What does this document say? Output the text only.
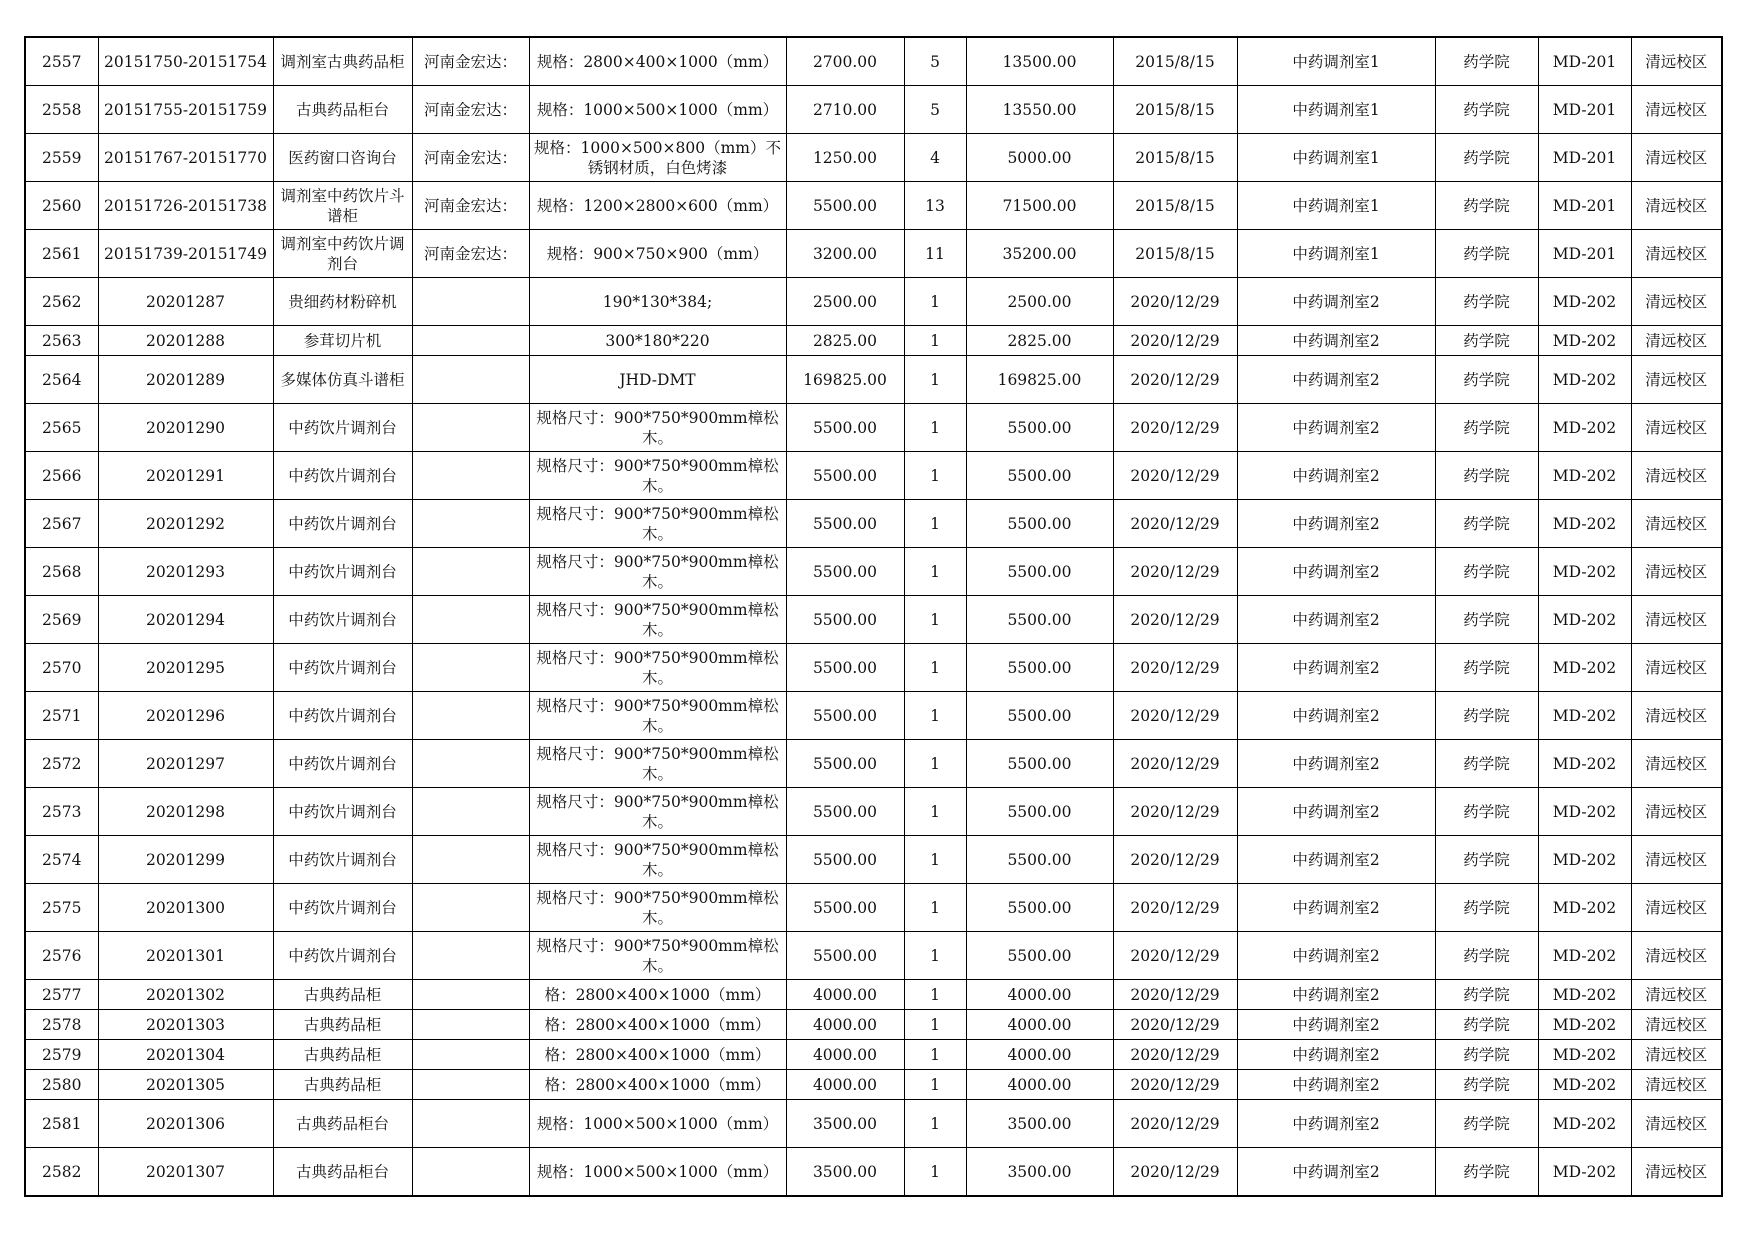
2557	20151750-20151754	调剂室古典药品柜	河南金宏达：	规格：2800×400×1000（mm）	2700.00	5	13500.00	2015/8/15	中药调剂室1	药学院	MD-201	清远校区
2558	20151755-20151759	古典药品柜台	河南金宏达：	规格：1000×500×1000（mm）	2710.00	5	13550.00	2015/8/15	中药调剂室1	药学院	MD-201	清远校区
2559	20151767-20151770	医药窗口咨询台	河南金宏达：	规格：1000×500×800（mm）不锈钢材质，白色烤漆	1250.00	4	5000.00	2015/8/15	中药调剂室1	药学院	MD-201	清远校区
2560	20151726-20151738	调剂室中药饮片斗谱柜	河南金宏达：	规格：1200×2800×600（mm）	5500.00	13	71500.00	2015/8/15	中药调剂室1	药学院	MD-201	清远校区
2561	20151739-20151749	调剂室中药饮片调剂台	河南金宏达：	规格：900×750×900（mm）	3200.00	11	35200.00	2015/8/15	中药调剂室1	药学院	MD-201	清远校区
2562	20201287	贵细药材粉碎机		190*130*384;	2500.00	1	2500.00	2020/12/29	中药调剂室2	药学院	MD-202	清远校区
2563	20201288	参茸切片机		300*180*220	2825.00	1	2825.00	2020/12/29	中药调剂室2	药学院	MD-202	清远校区
2564	20201289	多媒体仿真斗谱柜		JHD-DMT	169825.00	1	169825.00	2020/12/29	中药调剂室2	药学院	MD-202	清远校区
2565	20201290	中药饮片调剂台		规格尺寸：900*750*900mm樟松木。	5500.00	1	5500.00	2020/12/29	中药调剂室2	药学院	MD-202	清远校区
2566	20201291	中药饮片调剂台		规格尺寸：900*750*900mm樟松木。	5500.00	1	5500.00	2020/12/29	中药调剂室2	药学院	MD-202	清远校区
2567	20201292	中药饮片调剂台		规格尺寸：900*750*900mm樟松木。	5500.00	1	5500.00	2020/12/29	中药调剂室2	药学院	MD-202	清远校区
2568	20201293	中药饮片调剂台		规格尺寸：900*750*900mm樟松木。	5500.00	1	5500.00	2020/12/29	中药调剂室2	药学院	MD-202	清远校区
2569	20201294	中药饮片调剂台		规格尺寸：900*750*900mm樟松木。	5500.00	1	5500.00	2020/12/29	中药调剂室2	药学院	MD-202	清远校区
2570	20201295	中药饮片调剂台		规格尺寸：900*750*900mm樟松木。	5500.00	1	5500.00	2020/12/29	中药调剂室2	药学院	MD-202	清远校区
2571	20201296	中药饮片调剂台		规格尺寸：900*750*900mm樟松木。	5500.00	1	5500.00	2020/12/29	中药调剂室2	药学院	MD-202	清远校区
2572	20201297	中药饮片调剂台		规格尺寸：900*750*900mm樟松木。	5500.00	1	5500.00	2020/12/29	中药调剂室2	药学院	MD-202	清远校区
2573	20201298	中药饮片调剂台		规格尺寸：900*750*900mm樟松木。	5500.00	1	5500.00	2020/12/29	中药调剂室2	药学院	MD-202	清远校区
2574	20201299	中药饮片调剂台		规格尺寸：900*750*900mm樟松木。	5500.00	1	5500.00	2020/12/29	中药调剂室2	药学院	MD-202	清远校区
2575	20201300	中药饮片调剂台		规格尺寸：900*750*900mm樟松木。	5500.00	1	5500.00	2020/12/29	中药调剂室2	药学院	MD-202	清远校区
2576	20201301	中药饮片调剂台		规格尺寸：900*750*900mm樟松木。	5500.00	1	5500.00	2020/12/29	中药调剂室2	药学院	MD-202	清远校区
2577	20201302	古典药品柜		格：2800×400×1000（mm）	4000.00	1	4000.00	2020/12/29	中药调剂室2	药学院	MD-202	清远校区
2578	20201303	古典药品柜		格：2800×400×1000（mm）	4000.00	1	4000.00	2020/12/29	中药调剂室2	药学院	MD-202	清远校区
2579	20201304	古典药品柜		格：2800×400×1000（mm）	4000.00	1	4000.00	2020/12/29	中药调剂室2	药学院	MD-202	清远校区
2580	20201305	古典药品柜		格：2800×400×1000（mm）	4000.00	1	4000.00	2020/12/29	中药调剂室2	药学院	MD-202	清远校区
2581	20201306	古典药品柜台		规格：1000×500×1000（mm）	3500.00	1	3500.00	2020/12/29	中药调剂室2	药学院	MD-202	清远校区
2582	20201307	古典药品柜台		规格：1000×500×1000（mm）	3500.00	1	3500.00	2020/12/29	中药调剂室2	药学院	MD-202	清远校区
